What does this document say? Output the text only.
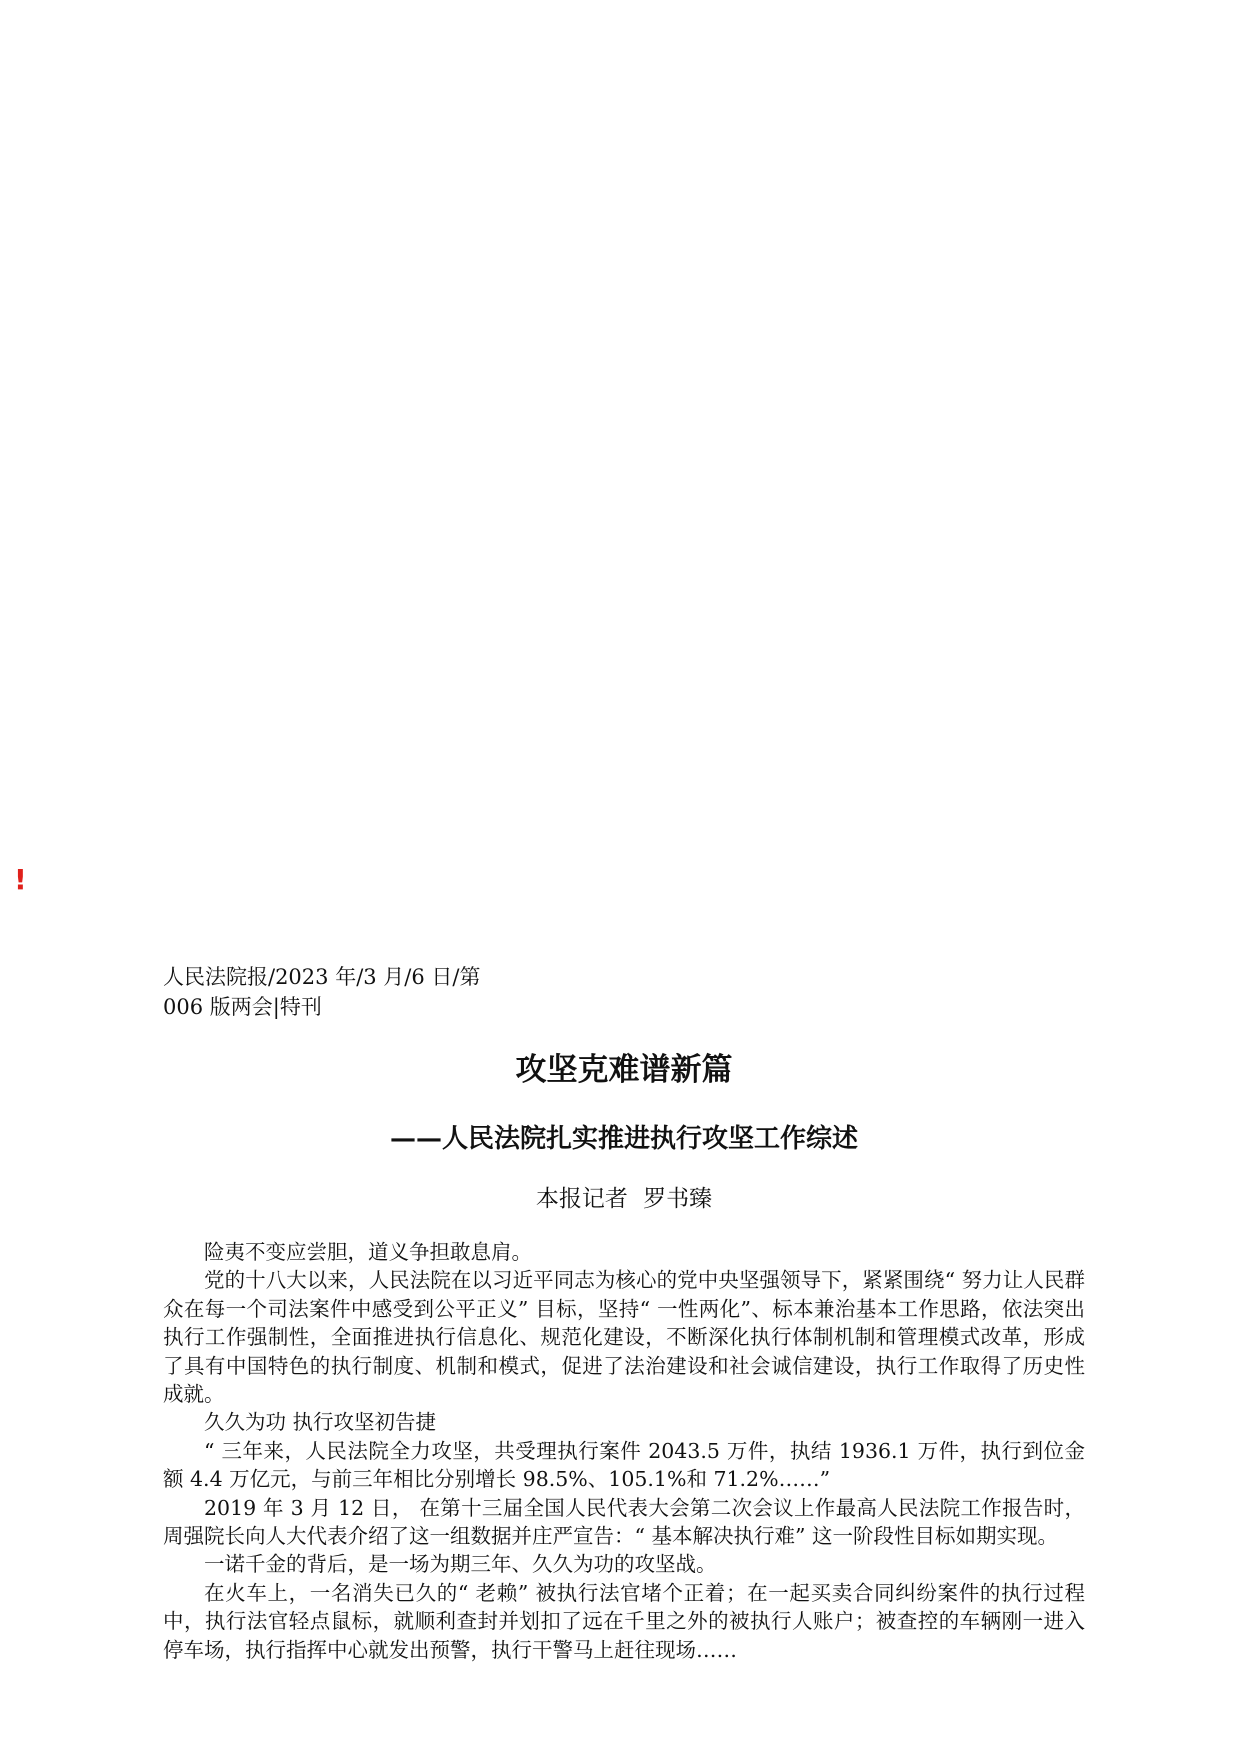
!

人民法院报/2023 年/3 月/6 日/第 006 版两会|特刊

攻坚克难谱新篇
——人民法院扎实推进执行攻坚工作综述
本报记者 罗书臻

险夷不变应尝胆，道义争担敢息肩。

党的十八大以来，人民法院在以习近平同志为核心的党中央坚强领导下，紧紧围绕“ 努力让人民群众在每一个司法案件中感受到公平正义” 目标，坚持“ 一性两化”、标本兼治基本工作思路，依法突出执行工作强制性，全面推进执行信息化、规范化建设，不断深化执行体制机制和管理模式改革，形成了具有中国特色的执行制度、机制和模式，促进了法治建设和社会诚信建设，执行工作取得了历史性成就。

久久为功 执行攻坚初告捷

“ 三年来，人民法院全力攻坚，共受理执行案件 2043.5 万件，执结 1936.1 万件，执行到位金额 4.4 万亿元，与前三年相比分别增长 98.5%、105.1%和 71.2%……”

2019 年 3 月 12 日， 在第十三届全国人民代表大会第二次会议上作最高人民法院工作报告时，周强院长向人大代表介绍了这一组数据并庄严宣告：“ 基本解决执行难” 这一阶段性目标如期实现。

一诺千金的背后，是一场为期三年、久久为功的攻坚战。

在火车上，一名消失已久的“ 老赖” 被执行法官堵个正着；在一起买卖合同纠纷案件的执行过程中，执行法官轻点鼠标，就顺利查封并划扣了远在千里之外的被执行人账户；被查控的车辆刚一进入停车场，执行指挥中心就发出预警，执行干警马上赶往现场……
